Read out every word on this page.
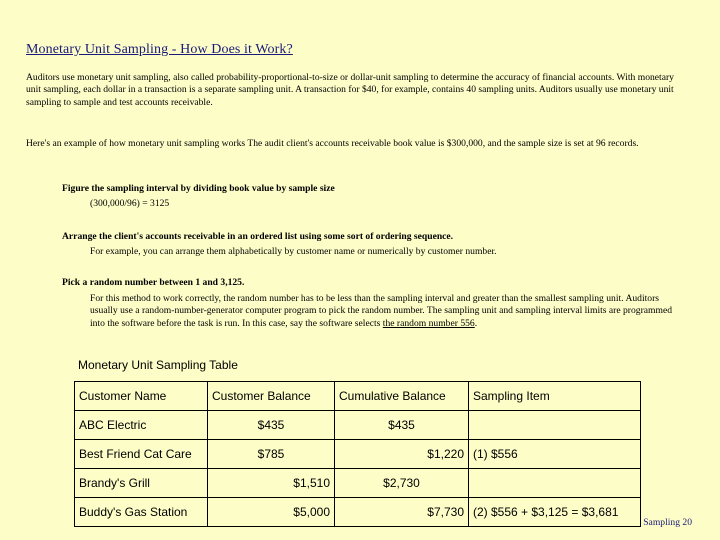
Monetary Unit Sampling - How Does it Work?
Auditors use monetary unit sampling, also called probability-proportional-to-size or dollar-unit sampling to determine the accuracy of financial accounts. With monetary unit sampling, each dollar in a transaction is a separate sampling unit. A transaction for $40, for example, contains 40 sampling units. Auditors usually use monetary unit sampling to sample and test accounts receivable.
Here's an example of how monetary unit sampling works The audit client's accounts receivable book value is $300,000, and the sample size is set at 96 records.
Figure the sampling interval by dividing book value by sample size
(300,000/96) = 3125
Arrange the client's accounts receivable in an ordered list using some sort of ordering sequence.
For example, you can arrange them alphabetically by customer name or numerically by customer number.
Pick a random number between 1 and 3,125.
For this method to work correctly, the random number has to be less than the sampling interval and greater than the smallest sampling unit. Auditors usually use a random-number-generator computer program to pick the random number. The sampling unit and sampling interval limits are programmed into the software before the task is run. In this case, say the software selects the random number 556.
Monetary Unit Sampling Table
Customer Name	Customer Balance	Cumulative Balance	Sampling Item
ABC Electric	$435	$435	
Best Friend Cat Care	$785	$1,220	(1) $556
Brandy's Grill	$1,510	$2,730	
Buddy's Gas Station	$5,000	$7,730	(2) $556 + $3,125 = $3,681
Sampling 20
